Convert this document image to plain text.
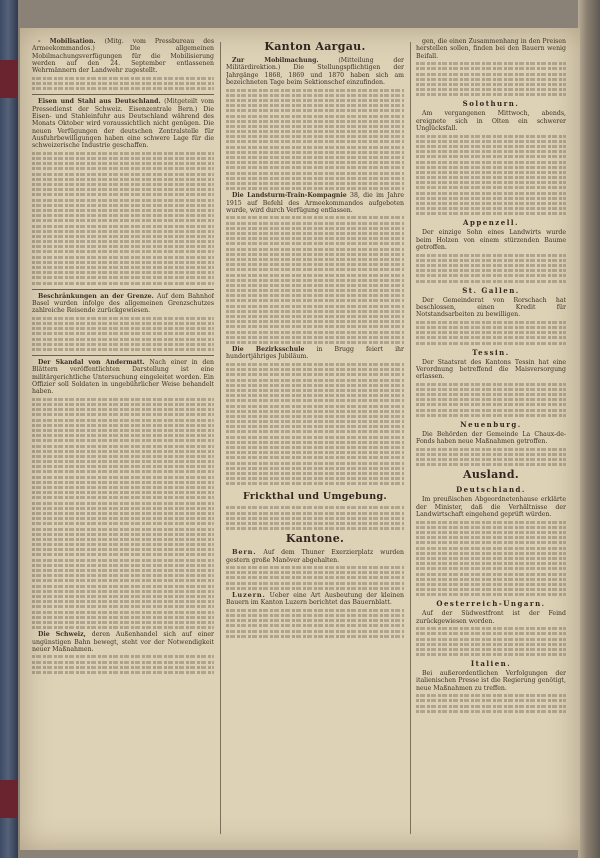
- Mobilisation. (Mitg. vom Pressbureau des Armeekommandos.) Die allgemeinen Mobilmachungsverfügungen für die Mobilisierung werden auf den 24. September entlassenen Wehrmännern der Landwehr zugestellt.

Eisen und Stahl aus Deutschland. (Mitgeteilt vom Pressedienst der Schweiz. Eisenzentrale Bern.) Die Eisen- und Stahleinfuhr aus Deutschland während des Monats Oktober wird voraussichtlich nicht genügen. Die neuen Verfügungen der deutschen Zentralstelle für Ausfuhrbewilligungen haben eine schwere Lage für die schweizerische Industrie geschaffen.

Beschränkungen an der Grenze. Auf dem Bahnhof Basel wurden infolge des allgemeinen Grenzschutzes zahlreiche Reisende zurückgewiesen.

Der Skandal von Andermatt. Nach einer in den Blättern veröffentlichten Darstellung ist eine militärgerichtliche Untersuchung eingeleitet worden. Ein Offizier soll Soldaten in ungebührlicher Weise behandelt haben.

Die Schweiz, deren Außenhandel sich auf einer ungünstigen Bahn bewegt, steht vor der Notwendigkeit neuer Maßnahmen.

Kanton Aargau.

Zur Mobilmachung.	(Mitteilung der Militärdirektion.) Die Stellungspflichtigen der Jahrgänge 1868, 1869 und 1870 haben sich am bezeichneten Tage beim Sektionschef einzufinden.

Die Landsturm-Train-Kompagnie 38, die im Jahre 1915 auf Befehl des Armeekommandos aufgeboten wurde, wird durch Verfügung entlassen.

Die Bezirksschule in Brugg feiert ihr hundertjähriges Jubiläum.

Frickthal und Umgebung.
Kantone.

Bern. Auf dem Thuner Exerzierplatz wurden gestern große Manöver abgehalten.

Luzern. Ueber eine Art Ausbeutung der kleinen Bauern im Kanton Luzern berichtet das Bauernblatt.

gen, die einen Zusammenhang in den Preisen herstellen sollen, finden bei den Bauern wenig Beifall.

Solothurn.

Am vergangenen Mittwoch, abends, ereignete sich in Olten ein schwerer Unglücksfall.

Appenzell.

Der einzige Sohn eines Landwirts wurde beim Holzen von einem stürzenden Baume getroffen.

St. Gallen.

Der Gemeinderat von Rorschach hat beschlossen, einen Kredit für Notstandsarbeiten zu bewilligen.

Tessin.

Der Staatsrat des Kantons Tessin hat eine Verordnung betreffend die Maisversorgung erlassen.

Neuenburg.

Die Behörden der Gemeinde La Chaux-de-Fonds haben neue Maßnahmen getroffen.

Ausland.
Deutschland.

Im preußischen Abgeordnetenhause erklärte der Minister, daß die Verhältnisse der Landwirtschaft eingehend geprüft würden.

Oesterreich-Ungarn.

Auf der Südwestfront ist der Feind zurückgewiesen worden.

Italien.

Bei außerordentlichen Verfolgungen der italienischen Presse ist die Regierung genötigt, neue Maßnahmen zu treffen.
